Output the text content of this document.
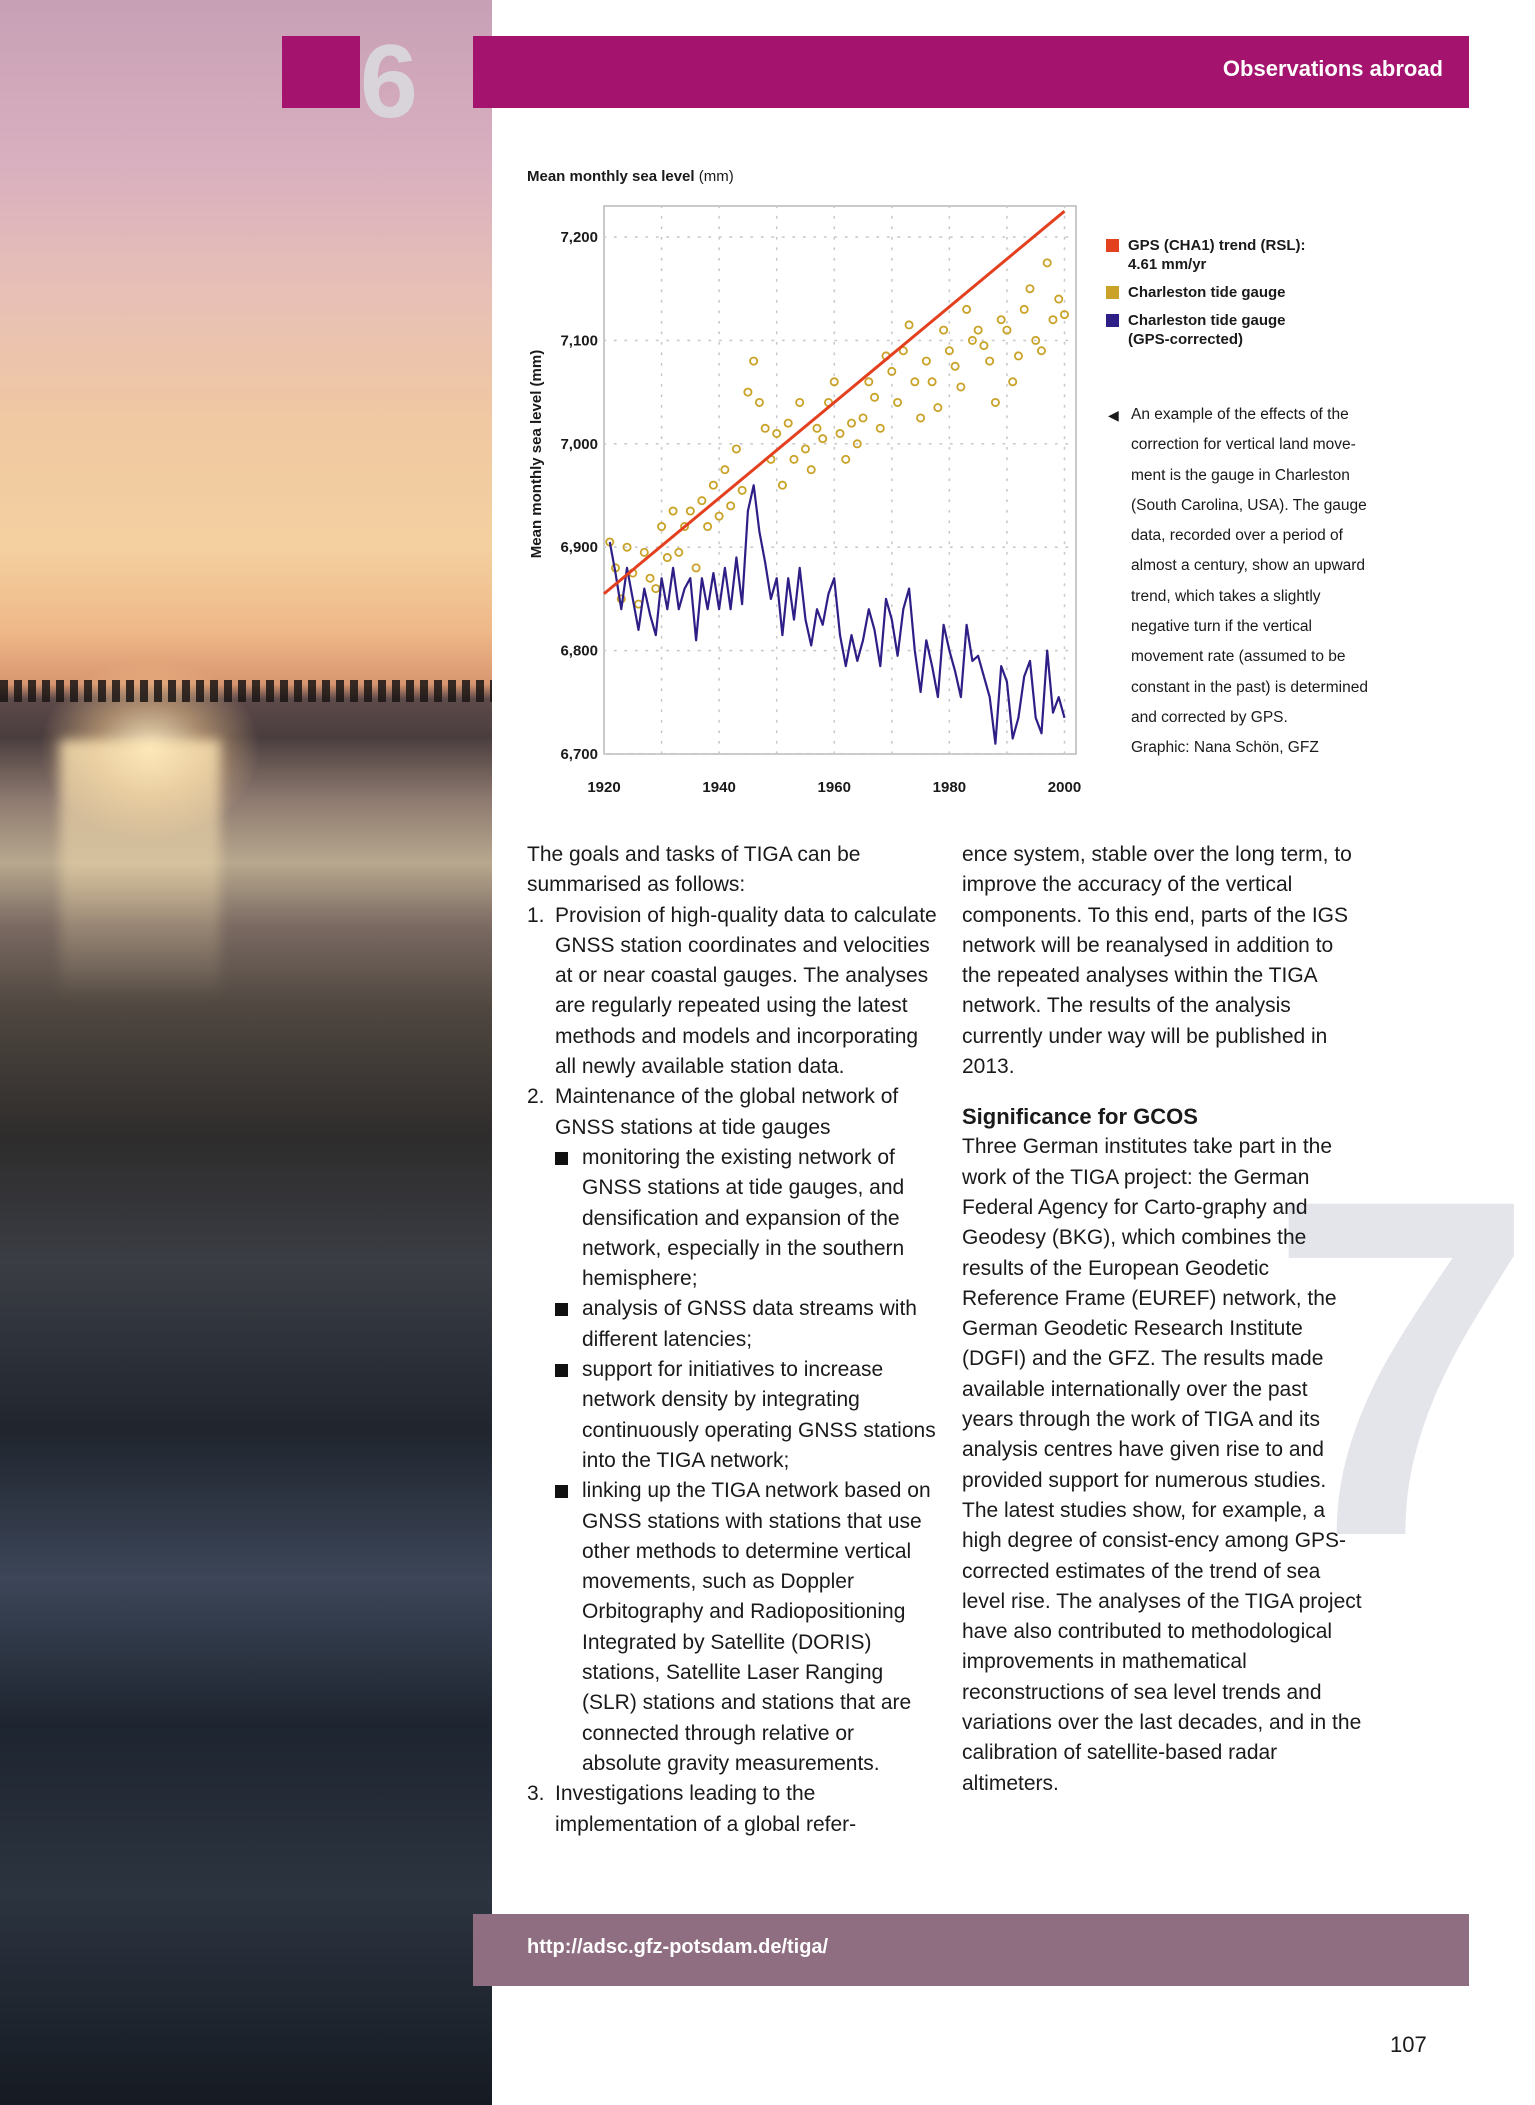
6	Observations abroad
Mean monthly sea level (mm)
Mean monthly sea level (mm)
7,200
7,100
7,000
6,900
6,800
6,700
1920	1940	1960	1980	2000
GPS (CHA1) trend (RSL):
4.61 mm/yr
Charleston tide gauge
Charleston tide gauge
(GPS-corrected)
◀ An example of the effects of the
correction for vertical land move-
ment is the gauge in Charleston
(South Carolina, USA). The gauge
data, recorded over a period of
almost a century, show an upward
trend, which takes a slightly
negative turn if the vertical
movement rate (assumed to be
constant in the past) is determined
and corrected by GPS.
Graphic: Nana Schön, GFZ

The goals and tasks of TIGA can be summarised as follows:

1. Provision of high-quality data to calculate GNSS station coordinates and velocities at or near coastal gauges. The analyses are regularly repeated using the latest methods and models and incorporating all newly available station data.
2. Maintenance of the global network of GNSS stations at tide gauges
monitoring the existing network of GNSS stations at tide gauges, and densification and expansion of the network, especially in the southern hemisphere;
analysis of GNSS data streams with different latencies;
support for initiatives to increase network density by integrating continuously operating GNSS stations into the TIGA network;
linking up the TIGA network based on GNSS stations with stations that use other methods to determine vertical movements, such as Doppler Orbitography and Radiopositioning Integrated by Satellite (DORIS) stations, Satellite Laser Ranging (SLR) stations and stations that are connected through relative or absolute gravity measurements.
3. Investigations leading to the implementation of a global refer-
7

ence system, stable over the long term, to improve the accuracy of the vertical components. To this end, parts of the IGS network will be reanalysed in addition to the repeated analyses within the TIGA network. The results of the analysis currently under way will be published in 2013.

Significance for GCOS

Three German institutes take part in the work of the TIGA project: the German Federal Agency for Carto-graphy and Geodesy (BKG), which combines the results of the European Geodetic Reference Frame (EUREF) network, the German Geodetic Research Institute (DGFI) and the GFZ. The results made available internationally over the past years through the work of TIGA and its analysis centres have given rise to and provided support for numerous studies. The latest studies show, for example, a high degree of consist-ency among GPS-corrected estimates of the trend of sea level rise. The analyses of the TIGA project have also contributed to methodological improvements in mathematical reconstructions of sea level trends and variations over the last decades, and in the calibration of satellite-based radar altimeters.

http://adsc.gfz-potsdam.de/tiga/
107
